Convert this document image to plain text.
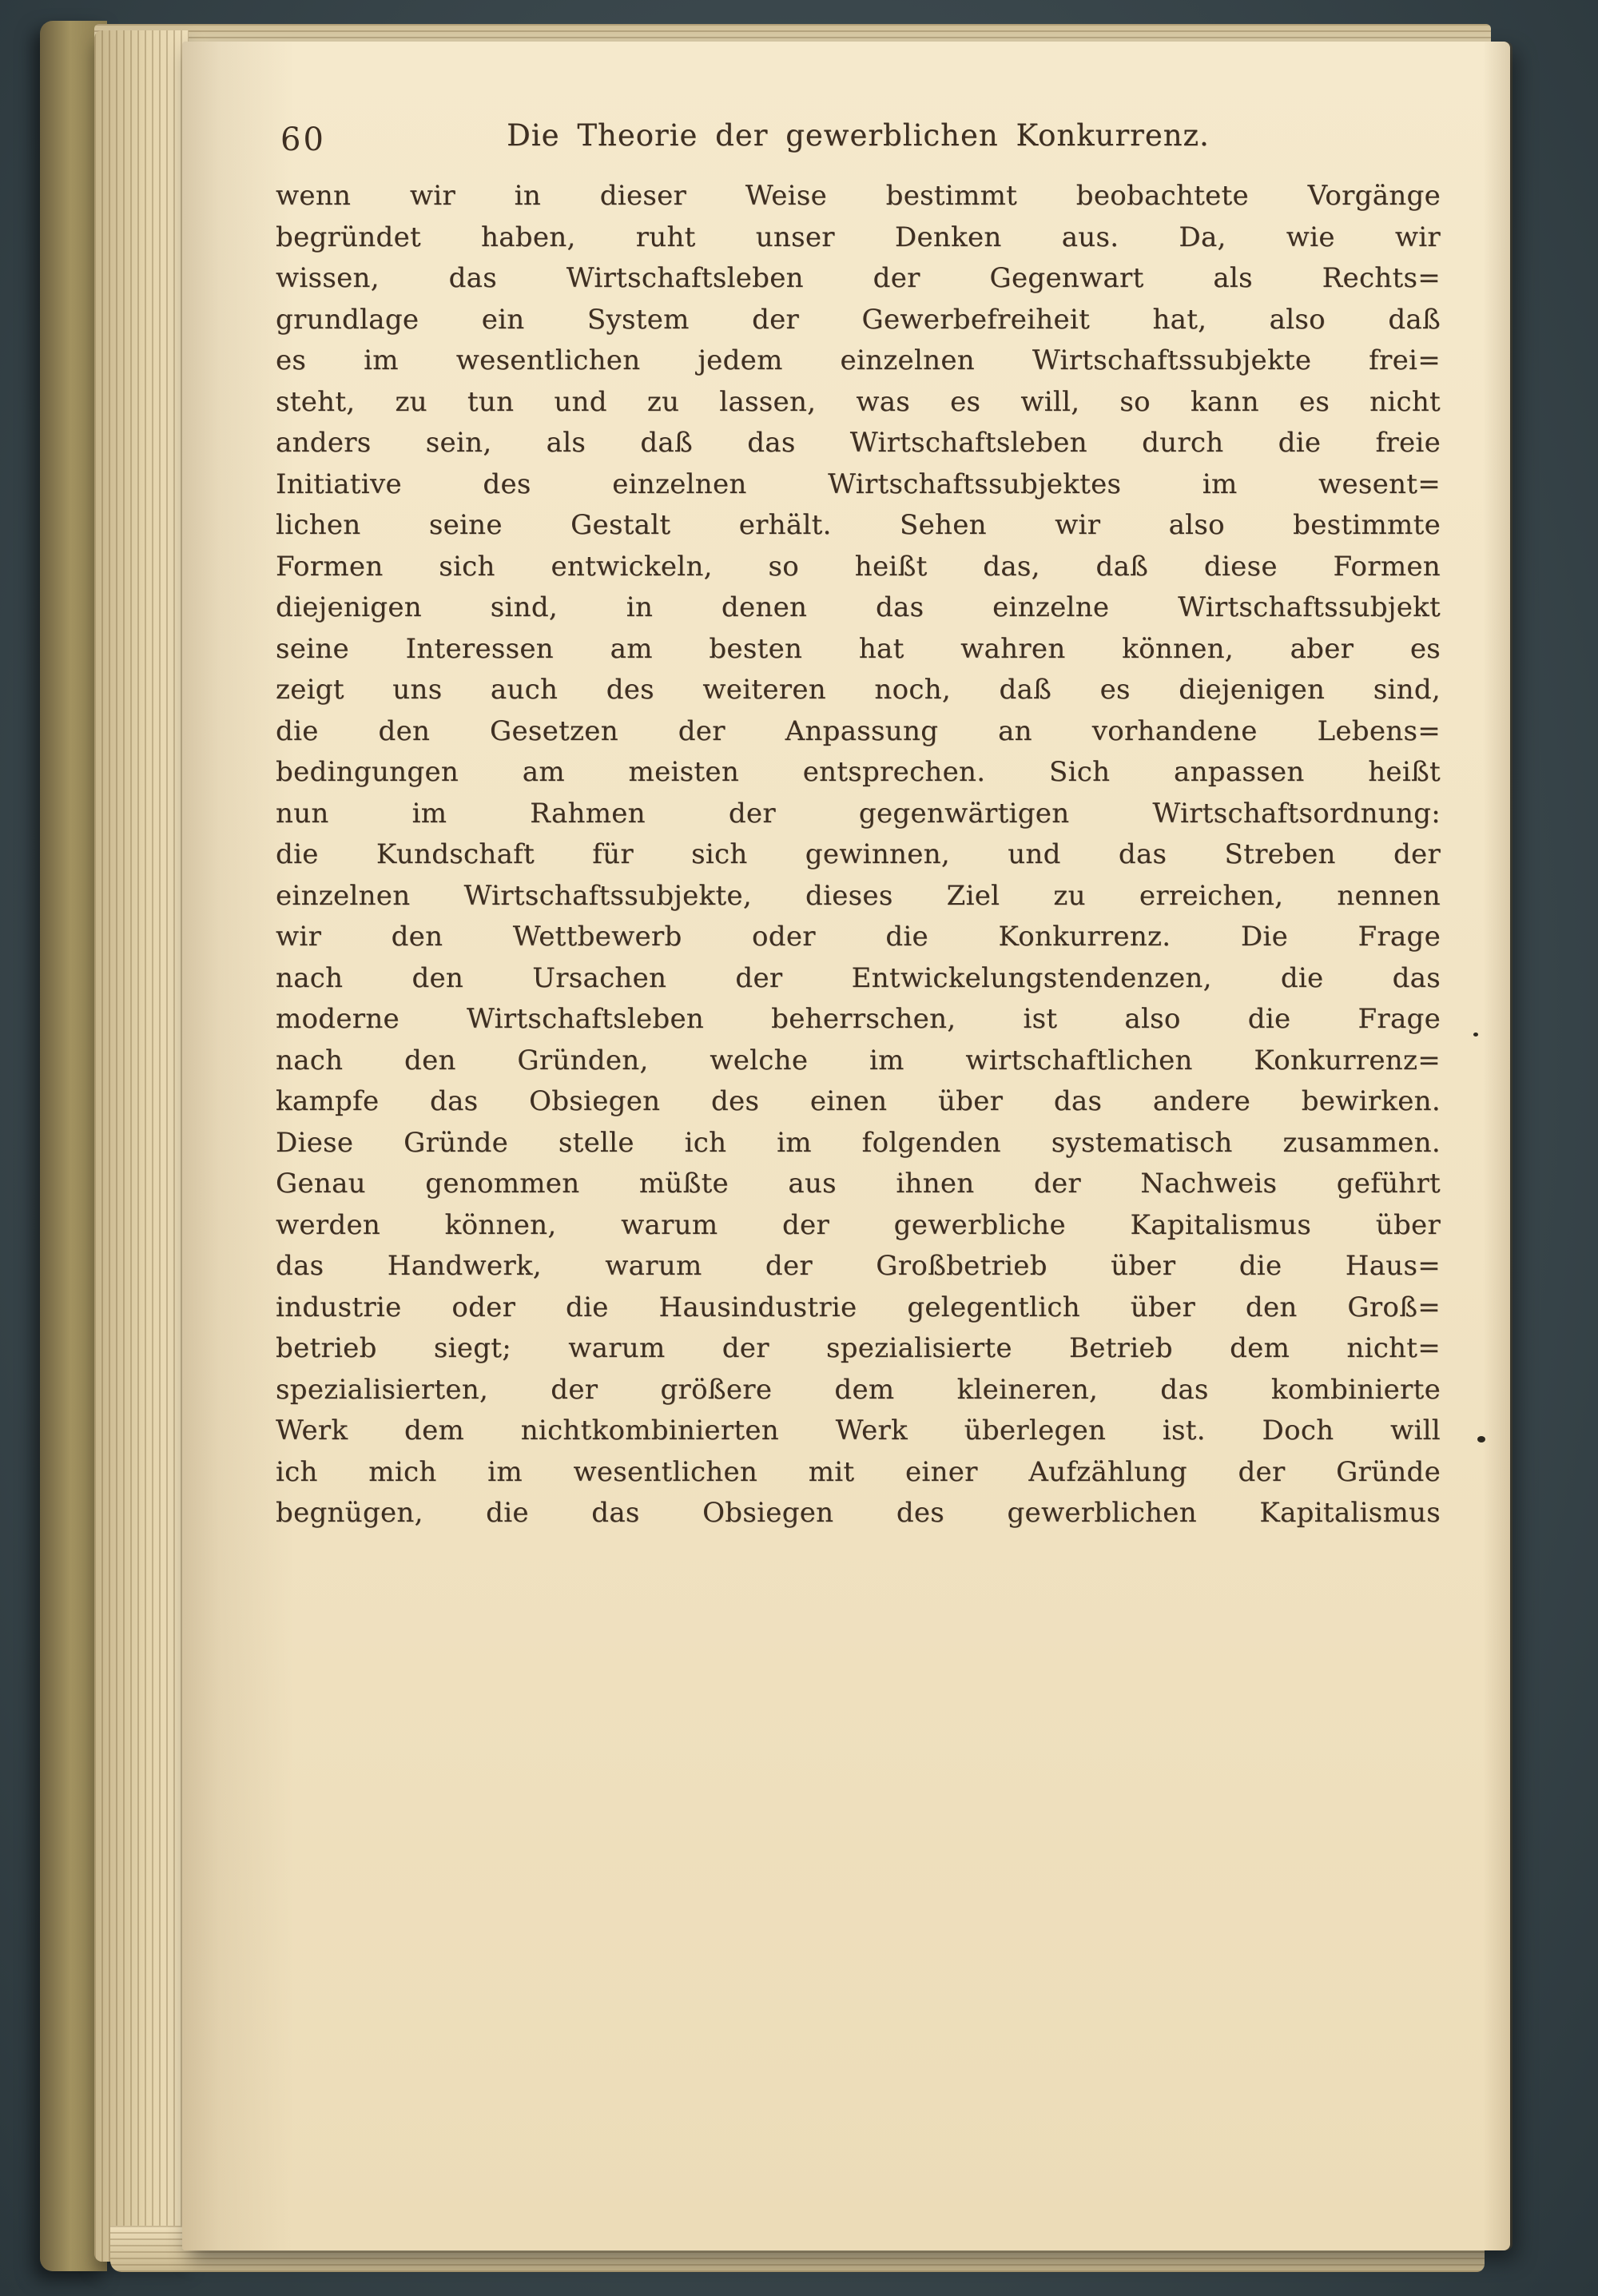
60	Die Theorie der gewerblichen Konkurrenz.
wenn wir in dieser Weise bestimmt beobachtete Vorgänge
begründet haben, ruht unser Denken aus. Da, wie wir
wissen, das Wirtschaftsleben der Gegenwart als Rechts=
grundlage ein System der Gewerbefreiheit hat, also daß
es im wesentlichen jedem einzelnen Wirtschaftssubjekte frei=
steht, zu tun und zu lassen, was es will, so kann es nicht
anders sein, als daß das Wirtschaftsleben durch die freie
Initiative des einzelnen Wirtschaftssubjektes im wesent=
lichen seine Gestalt erhält. Sehen wir also bestimmte
Formen sich entwickeln, so heißt das, daß diese Formen
diejenigen sind, in denen das einzelne Wirtschaftssubjekt
seine Interessen am besten hat wahren können, aber es
zeigt uns auch des weiteren noch, daß es diejenigen sind,
die den Gesetzen der Anpassung an vorhandene Lebens=
bedingungen am meisten entsprechen. Sich anpassen heißt
nun im Rahmen der gegenwärtigen Wirtschaftsordnung:
die Kundschaft für sich gewinnen, und das Streben der
einzelnen Wirtschaftssubjekte, dieses Ziel zu erreichen, nennen
wir den Wettbewerb oder die Konkurrenz. Die Frage
nach den Ursachen der Entwickelungstendenzen, die das
moderne Wirtschaftsleben beherrschen, ist also die Frage
nach den Gründen, welche im wirtschaftlichen Konkurrenz=
kampfe das Obsiegen des einen über das andere bewirken.
Diese Gründe stelle ich im folgenden systematisch zusammen.
Genau genommen müßte aus ihnen der Nachweis geführt
werden können, warum der gewerbliche Kapitalismus über
das Handwerk, warum der Großbetrieb über die Haus=
industrie oder die Hausindustrie gelegentlich über den Groß=
betrieb siegt; warum der spezialisierte Betrieb dem nicht=
spezialisierten, der größere dem kleineren, das kombinierte
Werk dem nichtkombinierten Werk überlegen ist. Doch will
ich mich im wesentlichen mit einer Aufzählung der Gründe
begnügen, die das Obsiegen des gewerblichen Kapitalismus
